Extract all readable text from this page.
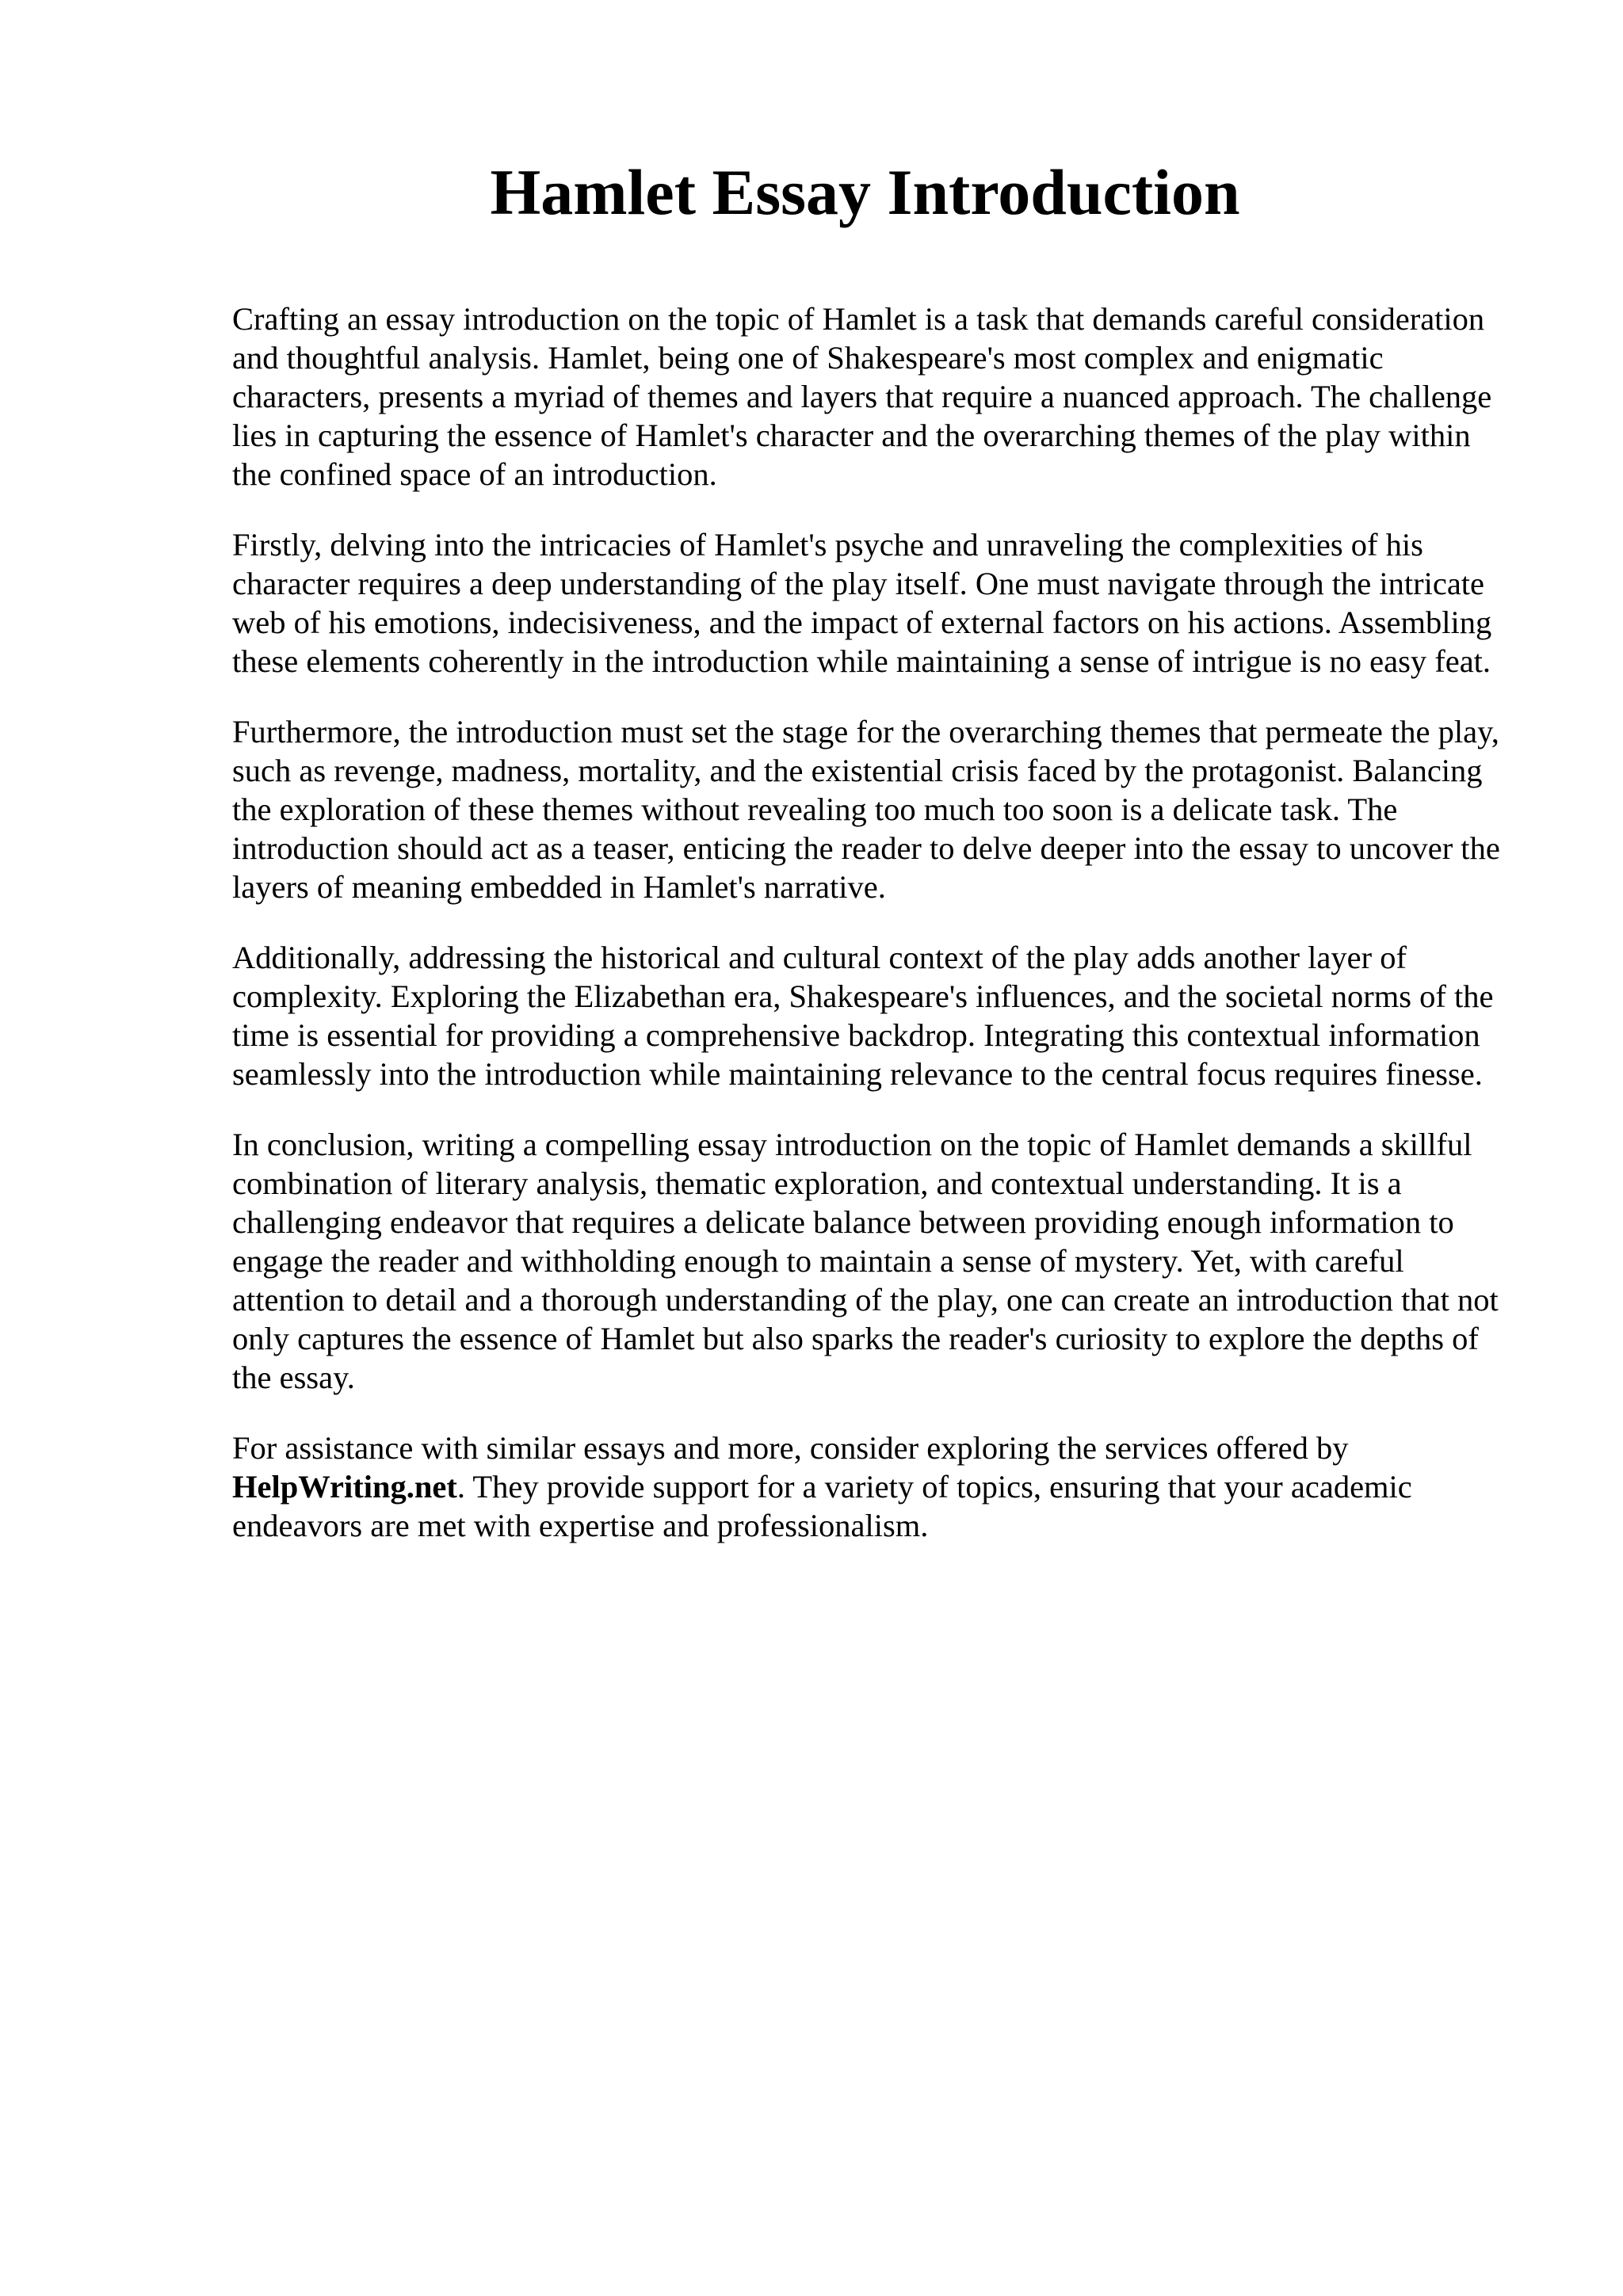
Hamlet Essay Introduction

Crafting an essay introduction on the topic of Hamlet is a task that demands careful consideration and thoughtful analysis. Hamlet, being one of Shakespeare's most complex and enigmatic characters, presents a myriad of themes and layers that require a nuanced approach. The challenge lies in capturing the essence of Hamlet's character and the overarching themes of the play within the confined space of an introduction.

Firstly, delving into the intricacies of Hamlet's psyche and unraveling the complexities of his character requires a deep understanding of the play itself. One must navigate through the intricate web of his emotions, indecisiveness, and the impact of external factors on his actions. Assembling these elements coherently in the introduction while maintaining a sense of intrigue is no easy feat.

Furthermore, the introduction must set the stage for the overarching themes that permeate the play, such as revenge, madness, mortality, and the existential crisis faced by the protagonist. Balancing the exploration of these themes without revealing too much too soon is a delicate task. The introduction should act as a teaser, enticing the reader to delve deeper into the essay to uncover the layers of meaning embedded in Hamlet's narrative.

Additionally, addressing the historical and cultural context of the play adds another layer of complexity. Exploring the Elizabethan era, Shakespeare's influences, and the societal norms of the time is essential for providing a comprehensive backdrop. Integrating this contextual information seamlessly into the introduction while maintaining relevance to the central focus requires finesse.

In conclusion, writing a compelling essay introduction on the topic of Hamlet demands a skillful combination of literary analysis, thematic exploration, and contextual understanding. It is a challenging endeavor that requires a delicate balance between providing enough information to engage the reader and withholding enough to maintain a sense of mystery. Yet, with careful attention to detail and a thorough understanding of the play, one can create an introduction that not only captures the essence of Hamlet but also sparks the reader's curiosity to explore the depths of the essay.

For assistance with similar essays and more, consider exploring the services offered by HelpWriting.net. They provide support for a variety of topics, ensuring that your academic endeavors are met with expertise and professionalism.
